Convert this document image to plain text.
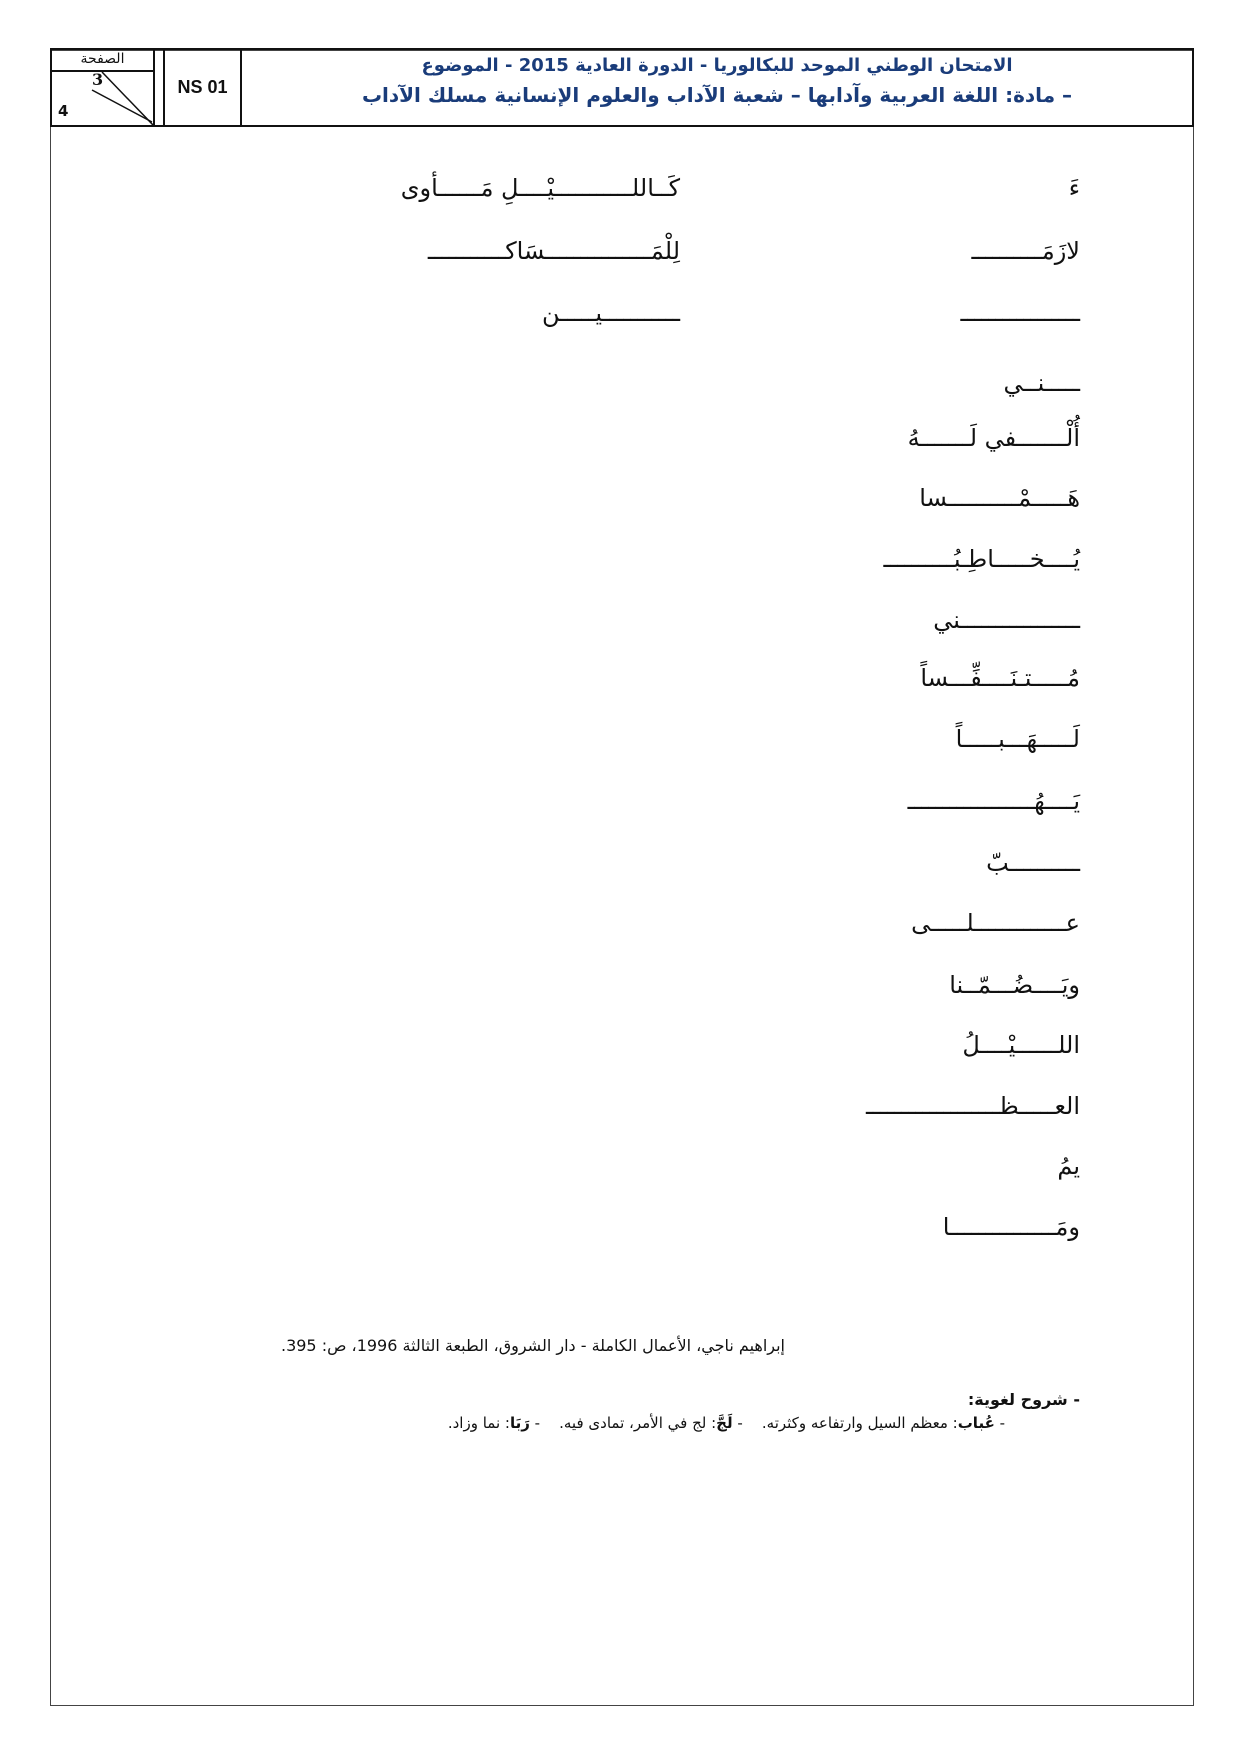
الصفحة
3
4
NS 01
الامتحان الوطني الموحد للبكالوريا - الدورة العادية 2015 - الموضوع
– مادة: اللغة العربية وآدابها – شعبة الآداب والعلوم الإنسانية مسلك الآداب
ءَ
لازَمَــــــــــ
ـــــــــــــــــ
ـــــنــي
أُلْـــــــفي لَـــــــهُ
هَـــــمْــــــــــسا
يُــــخـــــاطِـبُــــــــــ
ـــــــــــــــــني
مُـــــتـنَــــفِّـــساً
لَـــــهَـــبـــــاً
يَــــهُــــــــــــــــــ
ــــــــــبّ
عـــــــــــــلـــــى
ويَــــضُـــمّــنا
اللــــــيْــــلُ
العـــــظـــــــــــــــــــ
يمُ
ومَـــــــــــــــا
كَــاللـــــــــــيْــــلِ مَــــــأوى
لِلْمَـــــــــــــــسَاكـــــــــــ
ـــــــــــيـــــن
إبراهيم ناجي، الأعمال الكاملة - دار الشروق، الطبعة الثالثة 1996، ص: 395.
- شروح لغوية:
- عُباب: معظم السيل وارتفاعه وكثرته.    - لَجَّ: لج في الأمر، تمادى فيه.    - رَبَا: نما وزاد.
